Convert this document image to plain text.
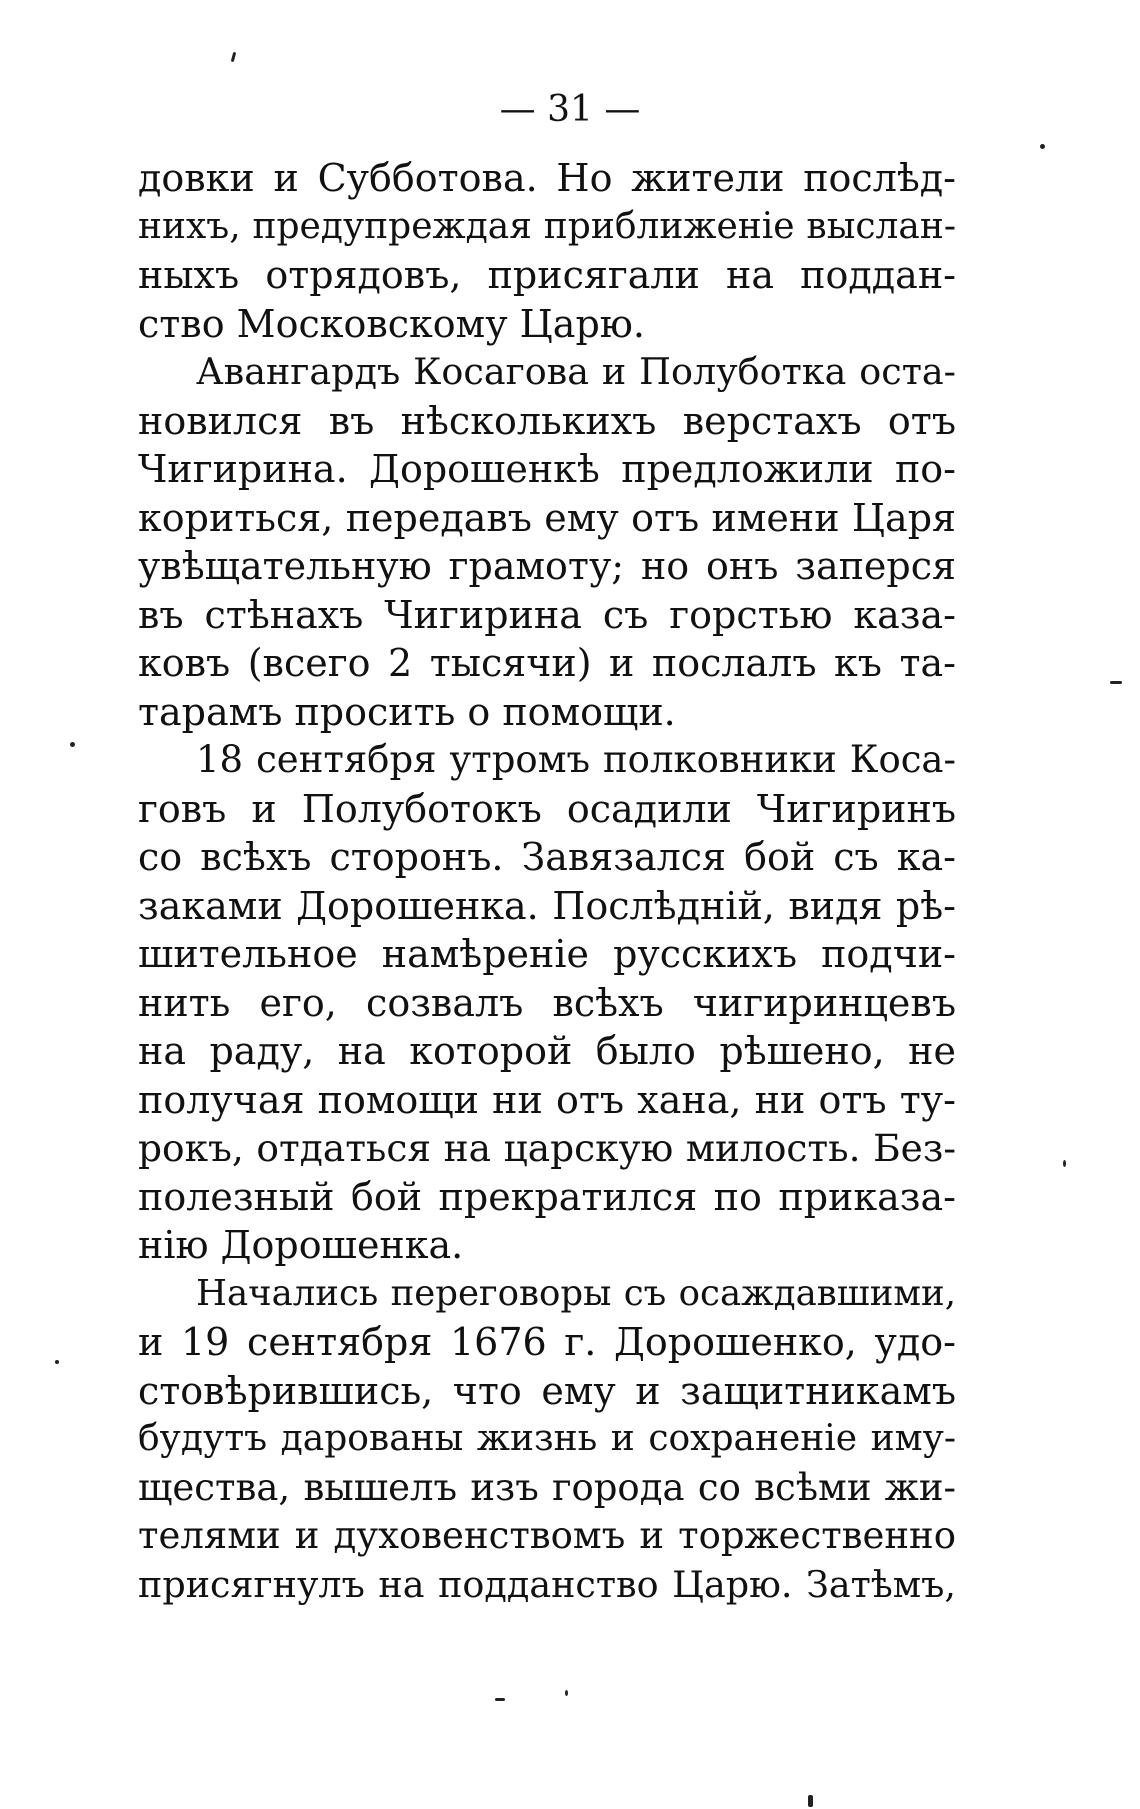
— 31 —
довки и Субботова. Но жители послѣд-
нихъ, предупреждая приближенiе выслан-
ныхъ отрядовъ, присягали на поддан-
ство Московскому Царю.
Авангардъ Косагова и Полуботка оста-
новился въ нѣсколькихъ верстахъ отъ
Чигирина. Дорошенкѣ предложили по-
кориться, передавъ ему отъ имени Царя
увѣщательную грамоту; но онъ заперся
въ стѣнахъ Чигирина съ горстью каза-
ковъ (всего 2 тысячи) и послалъ къ та-
тарамъ просить о помощи.
18 сентября утромъ полковники Коса-
говъ и Полуботокъ осадили Чигиринъ
со всѣхъ сторонъ. Завязался бой съ ка-
заками Дорошенка. Послѣднiй, видя рѣ-
шительное намѣренiе русскихъ подчи-
нить его, созвалъ всѣхъ чигиринцевъ
на раду, на которой было рѣшено, не
получая помощи ни отъ хана, ни отъ ту-
рокъ, отдаться на царскую милость. Без-
полезный бой прекратился по приказа-
нiю Дорошенка.
Начались переговоры съ осаждавшими,
и 19 сентября 1676 г. Дорошенко, удо-
стовѣрившись, что ему и защитникамъ
будутъ дарованы жизнь и сохраненiе иму-
щества, вышелъ изъ города со всѣми жи-
телями и духовенствомъ и торжественно
присягнулъ на подданство Царю. Затѣмъ,
